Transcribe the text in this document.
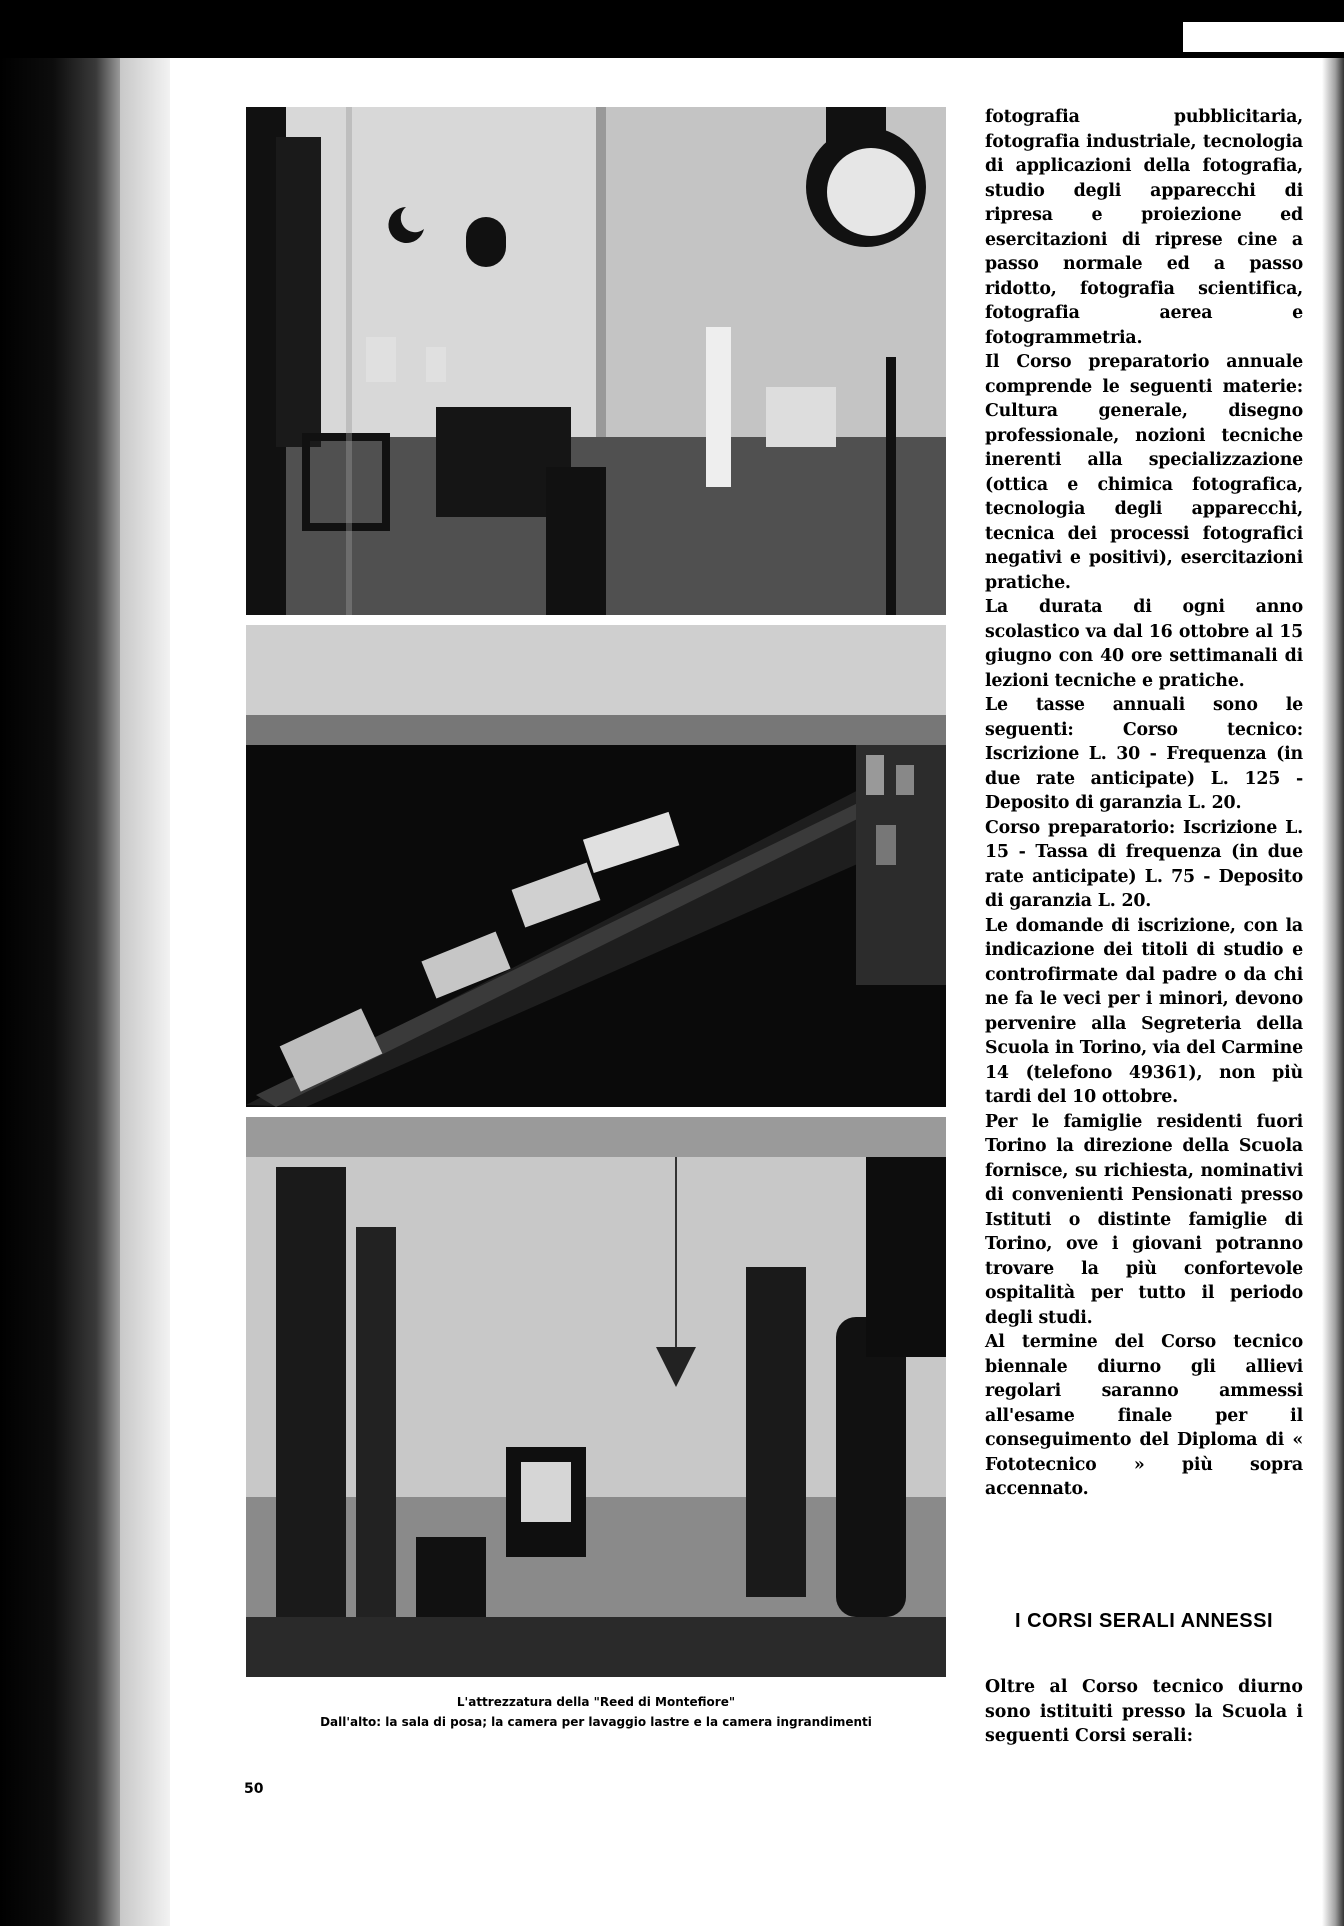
L'attrezzatura della "Reed di Montefiore"
Dall'alto: la sala di posa; la camera per lavaggio lastre e la camera ingrandimenti
50

fotografia pubblicitaria, fotografia industriale, tecnologia di applicazioni della fotografia, studio degli apparecchi di ripresa e proiezione ed esercitazioni di riprese cine a passo normale ed a passo ridotto, fotografia scientifica, fotografia aerea e fotogrammetria.

Il Corso preparatorio annuale comprende le seguenti materie: Cultura generale, disegno professionale, nozioni tecniche inerenti alla specializzazione (ottica e chimica fotografica, tecnologia degli apparecchi, tecnica dei processi fotografici negativi e positivi), esercitazioni pratiche.

La durata di ogni anno scolastico va dal 16 ottobre al 15 giugno con 40 ore settimanali di lezioni tecniche e pratiche.

Le tasse annuali sono le seguenti: Corso tecnico: Iscrizione L. 30 - Frequenza (in due rate anticipate) L. 125 - Deposito di garanzia L. 20.

Corso preparatorio: Iscrizione L. 15 - Tassa di frequenza (in due rate anticipate) L. 75 - Deposito di garanzia L. 20.

Le domande di iscrizione, con la indicazione dei titoli di studio e controfirmate dal padre o da chi ne fa le veci per i minori, devono pervenire alla Segreteria della Scuola in Torino, via del Carmine 14 (telefono 49361), non più tardi del 10 ottobre.

Per le famiglie residenti fuori Torino la direzione della Scuola fornisce, su richiesta, nominativi di convenienti Pensionati presso Istituti o distinte famiglie di Torino, ove i giovani potranno trovare la più confortevole ospitalità per tutto il periodo degli studi.

Al termine del Corso tecnico biennale diurno gli allievi regolari saranno ammessi all'esame finale per il conseguimento del Diploma di « Fototecnico » più sopra accennato.

I CORSI SERALI ANNESSI
Oltre al Corso tecnico diurno sono istituiti presso la Scuola i seguenti Corsi serali:
